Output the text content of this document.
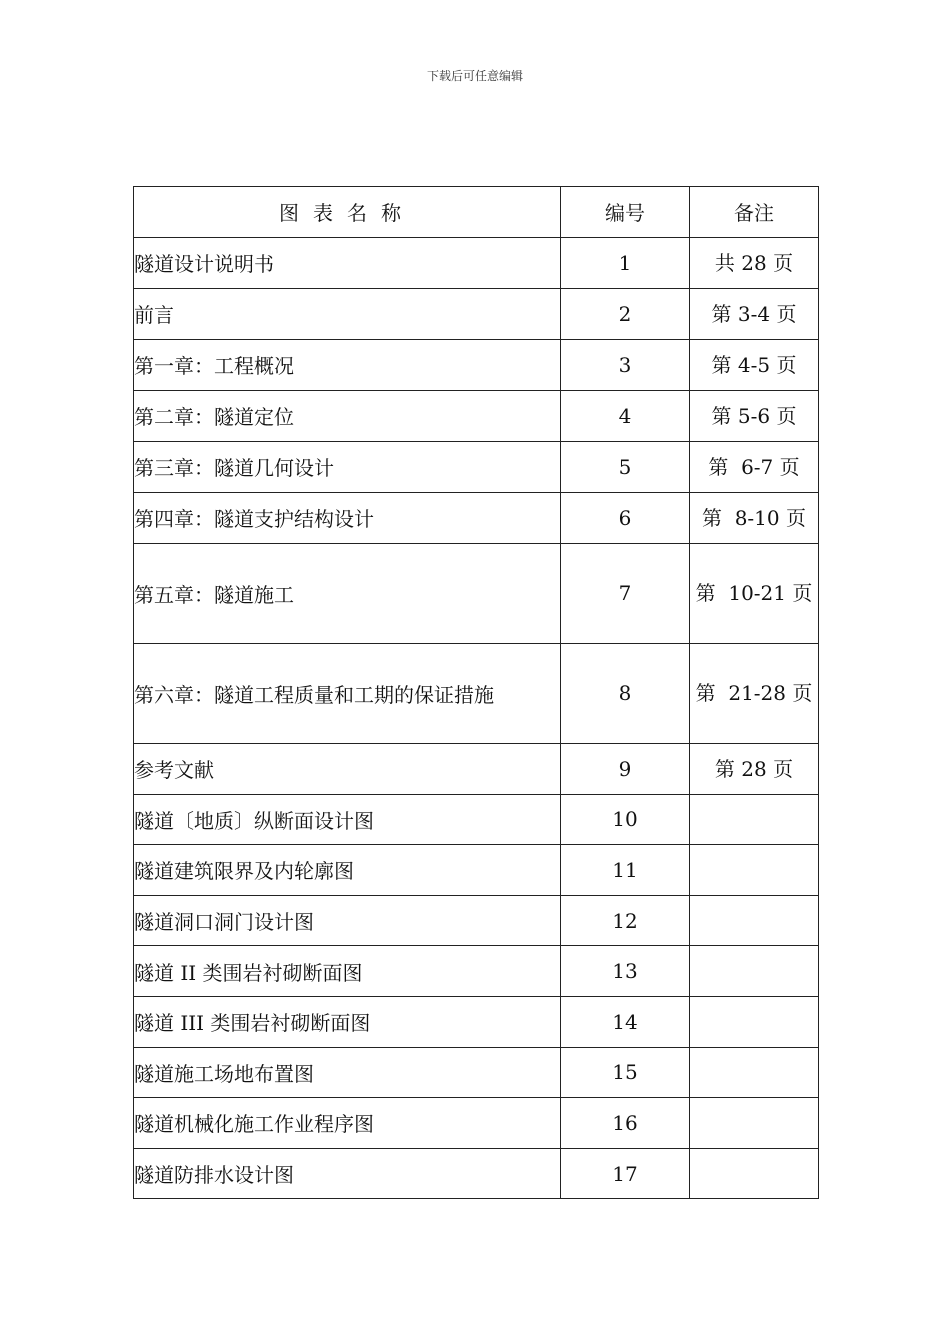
下载后可任意编辑
图表名称	编号	备注
隧道设计说明书	1	共 28 页
前言	2	第 3-4 页
第一章：工程概况	3	第 4-5 页
第二章：隧道定位	4	第 5-6 页
第三章：隧道几何设计	5	第  6-7 页
第四章：隧道支护结构设计	6	第  8-10 页
第五章：隧道施工	7	第  10-21 页
第六章：隧道工程质量和工期的保证措施	8	第  21-28 页
参考文献	9	第 28 页
隧道〔地质〕纵断面设计图	10	
隧道建筑限界及内轮廓图	11	
隧道洞口洞门设计图	12	
隧道 II 类围岩衬砌断面图	13	
隧道 III 类围岩衬砌断面图	14	
隧道施工场地布置图	15	
隧道机械化施工作业程序图	16	
隧道防排水设计图	17	
